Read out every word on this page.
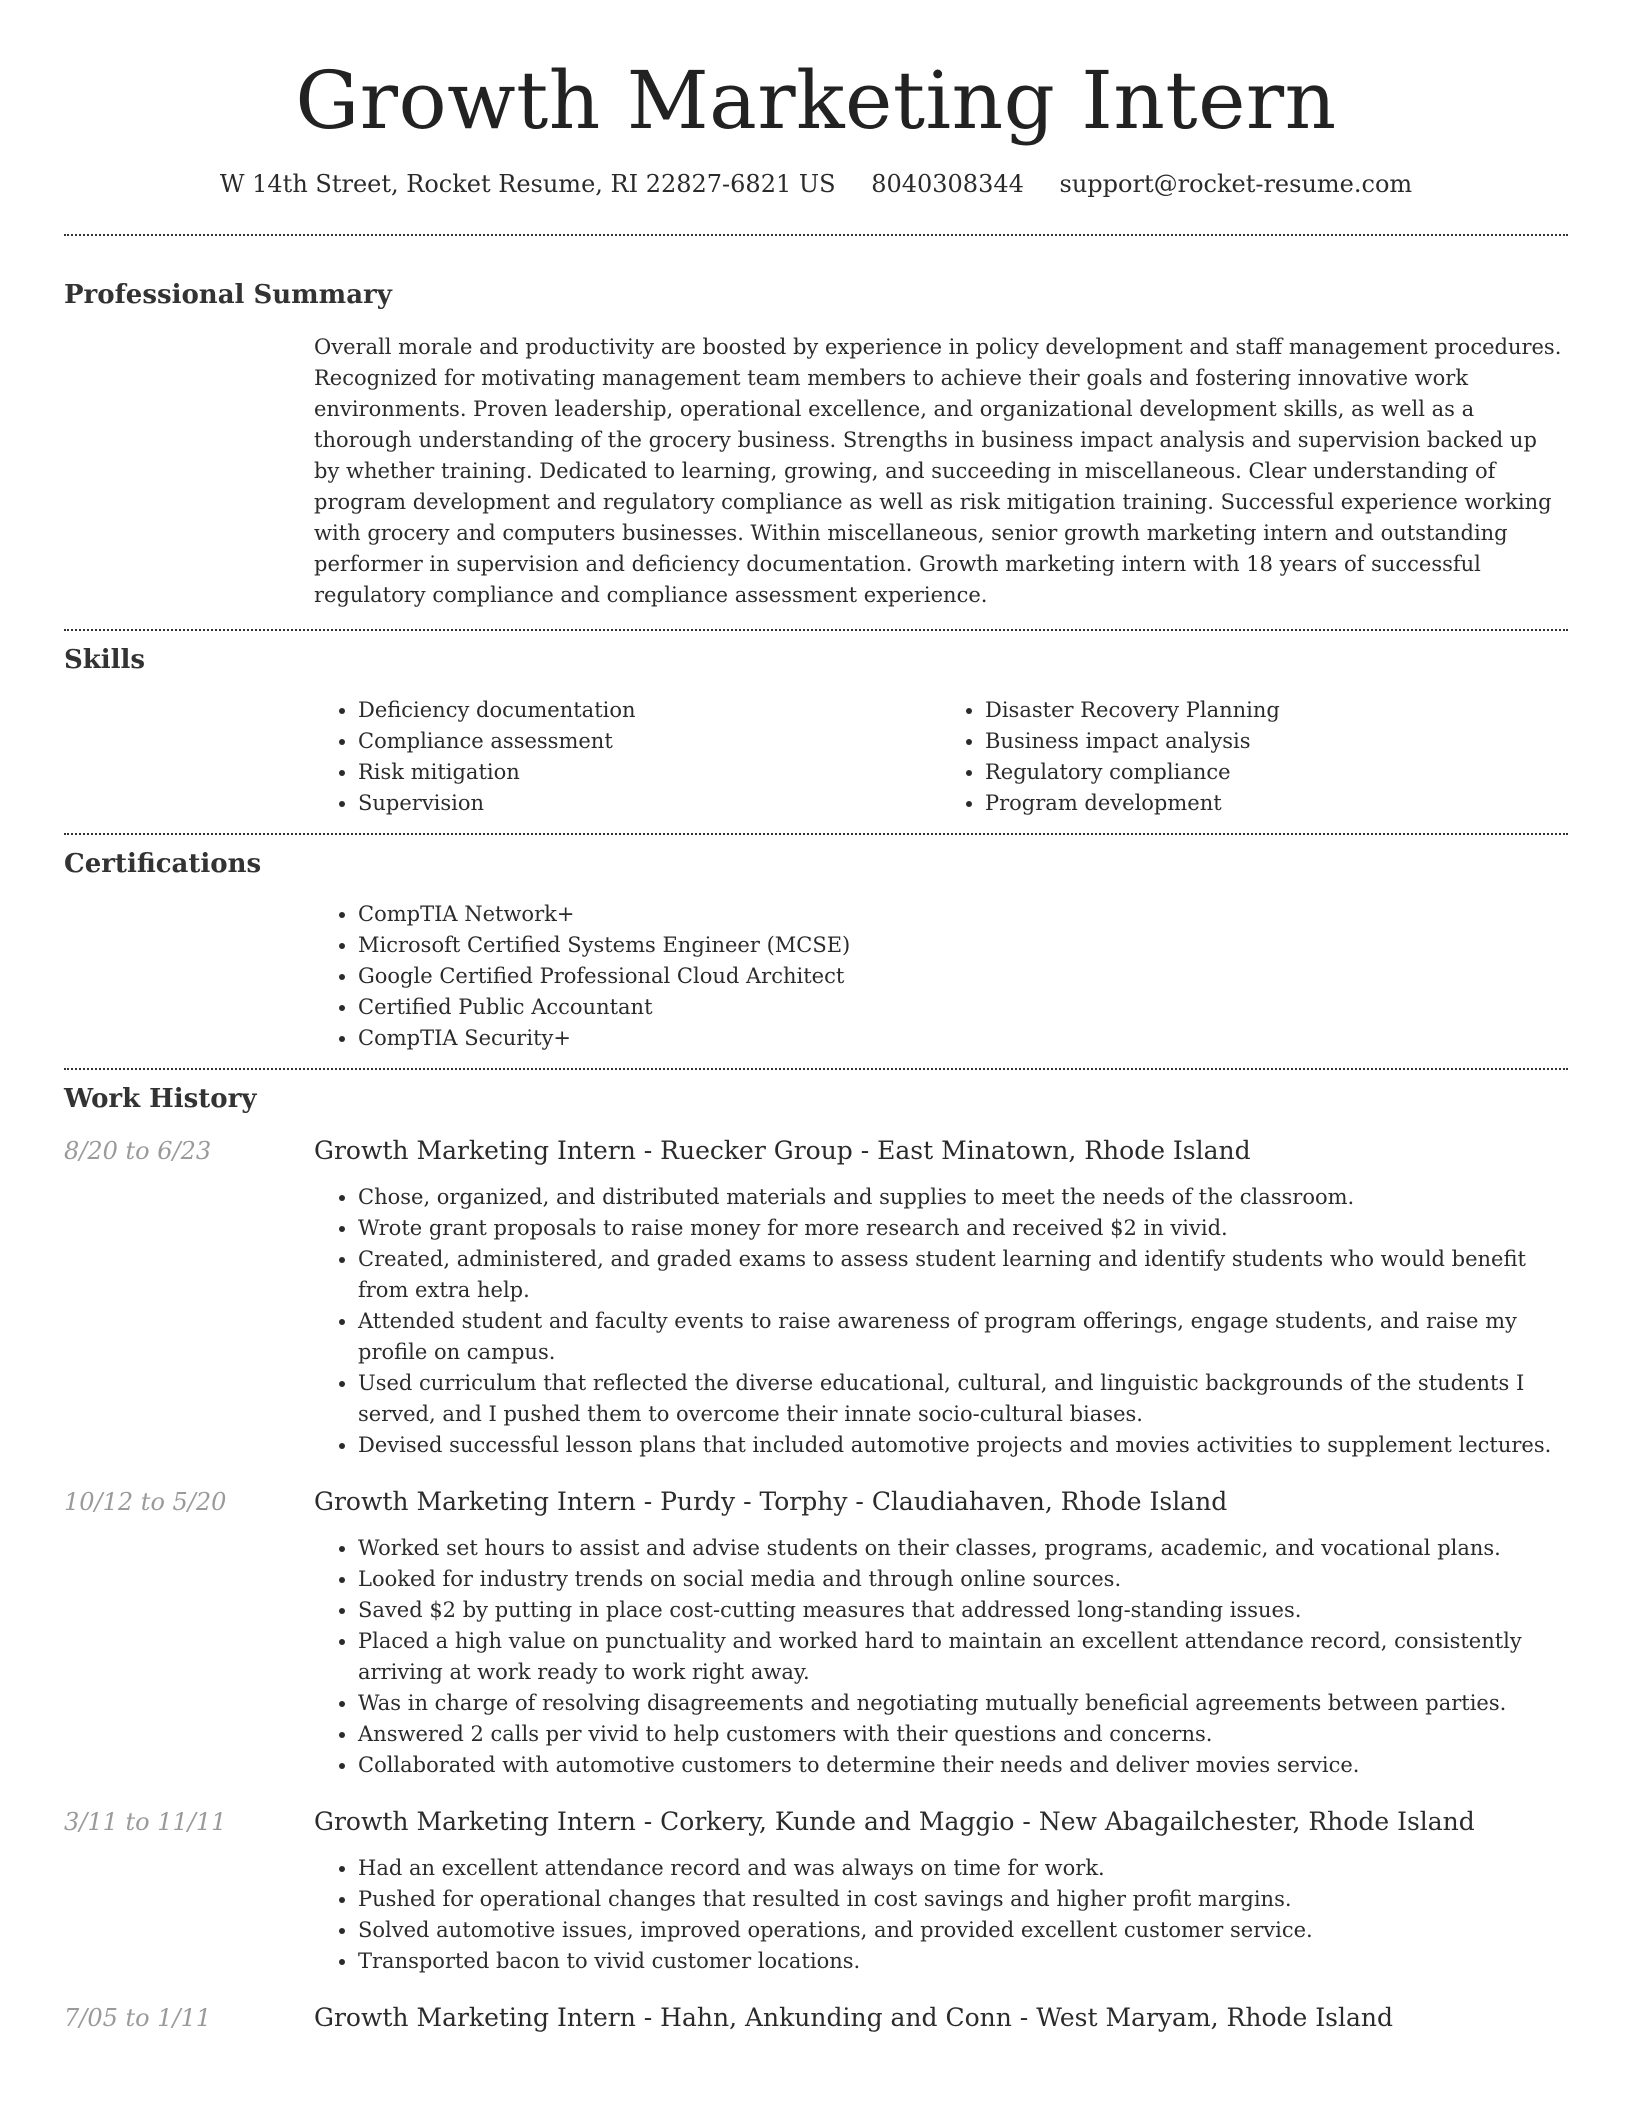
Growth Marketing Intern
W 14th Street, Rocket Resume, RI 22827-6821 US 8040308344 support@rocket-resume.com
Professional Summary
Overall morale and productivity are boosted by experience in policy development and staff management procedures. Recognized for motivating management team members to achieve their goals and fostering innovative work environments. Proven leadership, operational excellence, and organizational development skills, as well as a thorough understanding of the grocery business. Strengths in business impact analysis and supervision backed up by whether training. Dedicated to learning, growing, and succeeding in miscellaneous. Clear understanding of program development and regulatory compliance as well as risk mitigation training. Successful experience working with grocery and computers businesses. Within miscellaneous, senior growth marketing intern and outstanding performer in supervision and deficiency documentation. Growth marketing intern with 18 years of successful regulatory compliance and compliance assessment experience.
Skills
• Deficiency documentation
• Compliance assessment
• Risk mitigation
• Supervision
• Disaster Recovery Planning
• Business impact analysis
• Regulatory compliance
• Program development
Certifications
• CompTIA Network+
• Microsoft Certified Systems Engineer (MCSE)
• Google Certified Professional Cloud Architect
• Certified Public Accountant
• CompTIA Security+
Work History
8/20 to 6/23	Growth Marketing Intern - Ruecker Group - East Minatown, Rhode Island
• Chose, organized, and distributed materials and supplies to meet the needs of the classroom.
• Wrote grant proposals to raise money for more research and received $2 in vivid.
• Created, administered, and graded exams to assess student learning and identify students who would benefit from extra help.
• Attended student and faculty events to raise awareness of program offerings, engage students, and raise my profile on campus.
• Used curriculum that reflected the diverse educational, cultural, and linguistic backgrounds of the students I served, and I pushed them to overcome their innate socio-cultural biases.
• Devised successful lesson plans that included automotive projects and movies activities to supplement lectures.
10/12 to 5/20	Growth Marketing Intern - Purdy - Torphy - Claudiahaven, Rhode Island
• Worked set hours to assist and advise students on their classes, programs, academic, and vocational plans.
• Looked for industry trends on social media and through online sources.
• Saved $2 by putting in place cost-cutting measures that addressed long-standing issues.
• Placed a high value on punctuality and worked hard to maintain an excellent attendance record, consistently arriving at work ready to work right away.
• Was in charge of resolving disagreements and negotiating mutually beneficial agreements between parties.
• Answered 2 calls per vivid to help customers with their questions and concerns.
• Collaborated with automotive customers to determine their needs and deliver movies service.
3/11 to 11/11	Growth Marketing Intern - Corkery, Kunde and Maggio - New Abagailchester, Rhode Island
• Had an excellent attendance record and was always on time for work.
• Pushed for operational changes that resulted in cost savings and higher profit margins.
• Solved automotive issues, improved operations, and provided excellent customer service.
• Transported bacon to vivid customer locations.
7/05 to 1/11	Growth Marketing Intern - Hahn, Ankunding and Conn - West Maryam, Rhode Island
